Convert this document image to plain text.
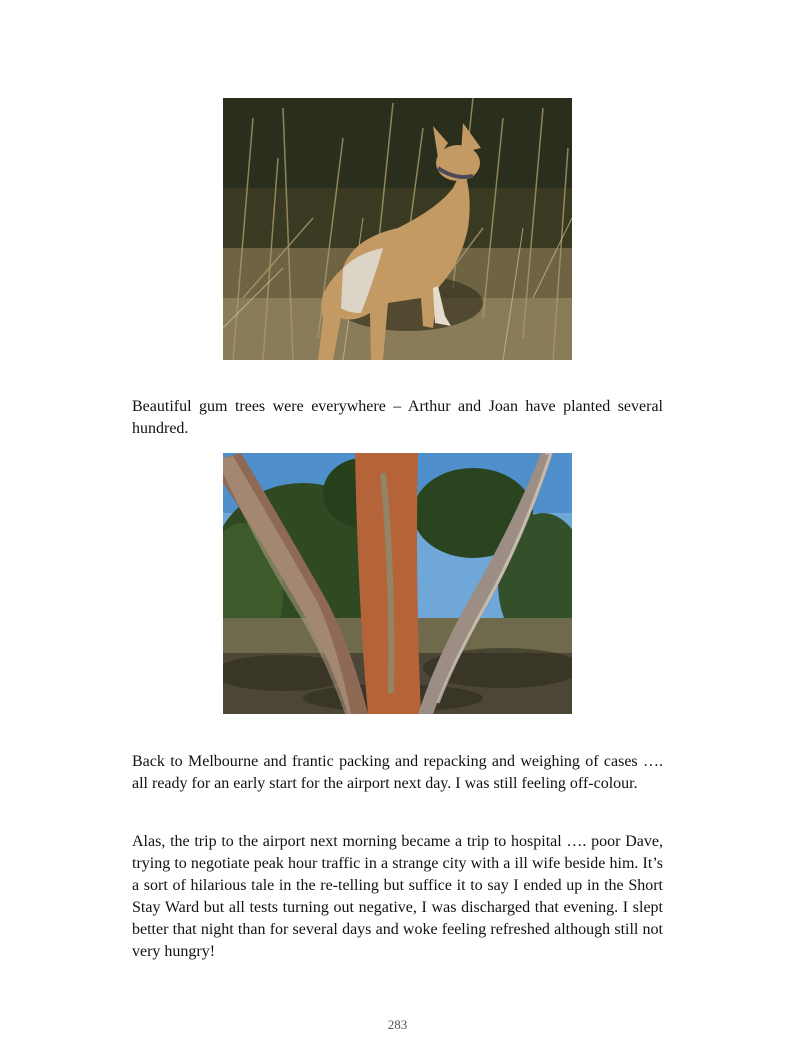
Beautiful gum trees were everywhere – Arthur and Joan have planted several hundred.

Back to Melbourne and frantic packing and repacking and weighing of cases …. all ready for an early start for the airport next day. I was still feeling off-colour.

Alas, the trip to the airport next morning became a trip to hospital …. poor Dave, trying to negotiate peak hour traffic in a strange city with a ill wife beside him. It’s a sort of hilarious tale in the re-telling but suffice it to say I ended up in the Short Stay Ward but all tests turning out negative, I was discharged that evening. I slept better that night than for several days and woke feeling refreshed although still not very hungry!

283
